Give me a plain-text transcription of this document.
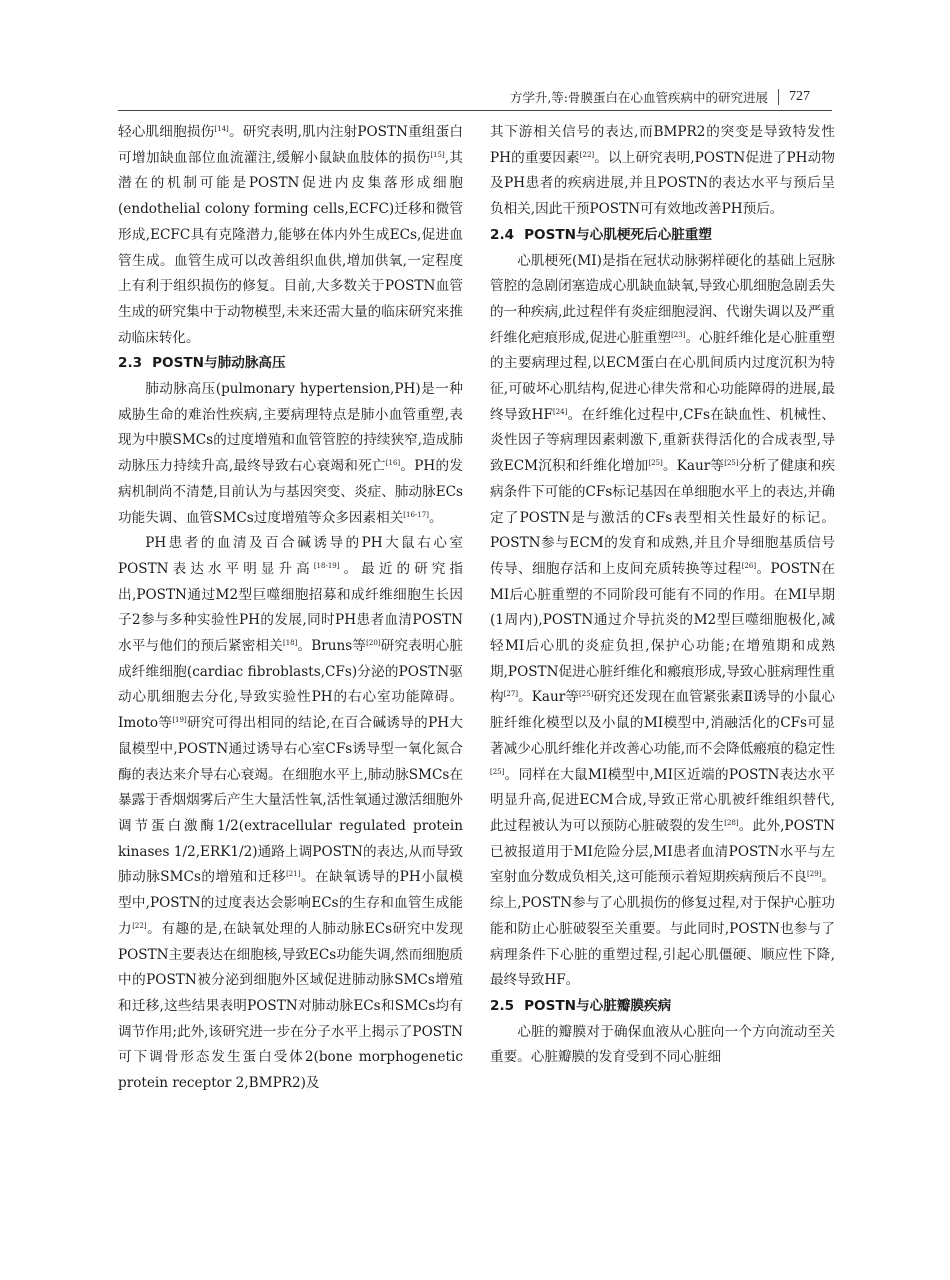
方学升,等:骨膜蛋白在心血管疾病中的研究进展 727

轻心肌细胞损伤[14]。研究表明,肌内注射POSTN重组蛋白可增加缺血部位血流灌注,缓解小鼠缺血肢体的损伤[15],其潜在的机制可能是POSTN促进内皮集落形成细胞(endothelial colony forming cells,ECFC)迁移和微管形成,ECFC具有克隆潜力,能够在体内外生成ECs,促进血管生成。血管生成可以改善组织血供,增加供氧,一定程度上有利于组织损伤的修复。目前,大多数关于POSTN血管生成的研究集中于动物模型,未来还需大量的临床研究来推动临床转化。

2.3 POSTN与肺动脉高压

肺动脉高压(pulmonary hypertension,PH)是一种威胁生命的难治性疾病,主要病理特点是肺小血管重塑,表现为中膜SMCs的过度增殖和血管管腔的持续狭窄,造成肺动脉压力持续升高,最终导致右心衰竭和死亡[16]。PH的发病机制尚不清楚,目前认为与基因突变、炎症、肺动脉ECs功能失调、血管SMCs过度增殖等众多因素相关[16-17]。

PH患者的血清及百合碱诱导的PH大鼠右心室POSTN表达水平明显升高[18-19]。最近的研究指出,POSTN通过M2型巨噬细胞招募和成纤维细胞生长因子2参与多种实验性PH的发展,同时PH患者血清POSTN水平与他们的预后紧密相关[18]。Bruns等[20]研究表明心脏成纤维细胞(cardiac fibroblasts,CFs)分泌的POSTN驱动心肌细胞去分化,导致实验性PH的右心室功能障碍。Imoto等[19]研究可得出相同的结论,在百合碱诱导的PH大鼠模型中,POSTN通过诱导右心室CFs诱导型一氧化氮合酶的表达来介导右心衰竭。在细胞水平上,肺动脉SMCs在暴露于香烟烟雾后产生大量活性氧,活性氧通过激活细胞外调节蛋白激酶1/2(extracellular regulated protein kinases 1/2,ERK1/2)通路上调POSTN的表达,从而导致肺动脉SMCs的增殖和迁移[21]。在缺氧诱导的PH小鼠模型中,POSTN的过度表达会影响ECs的生存和血管生成能力[22]。有趣的是,在缺氧处理的人肺动脉ECs研究中发现POSTN主要表达在细胞核,导致ECs功能失调,然而细胞质中的POSTN被分泌到细胞外区域促进肺动脉SMCs增殖和迁移,这些结果表明POSTN对肺动脉ECs和SMCs均有调节作用;此外,该研究进一步在分子水平上揭示了POSTN可下调骨形态发生蛋白受体2(bone morphogenetic protein receptor 2,BMPR2)及

其下游相关信号的表达,而BMPR2的突变是导致特发性PH的重要因素[22]。以上研究表明,POSTN促进了PH动物及PH患者的疾病进展,并且POSTN的表达水平与预后呈负相关,因此干预POSTN可有效地改善PH预后。

2.4 POSTN与心肌梗死后心脏重塑

心肌梗死(MI)是指在冠状动脉粥样硬化的基础上冠脉管腔的急剧闭塞造成心肌缺血缺氧,导致心肌细胞急剧丢失的一种疾病,此过程伴有炎症细胞浸润、代谢失调以及严重纤维化疤痕形成,促进心脏重塑[23]。心脏纤维化是心脏重塑的主要病理过程,以ECM蛋白在心肌间质内过度沉积为特征,可破坏心肌结构,促进心律失常和心功能障碍的进展,最终导致HF[24]。在纤维化过程中,CFs在缺血性、机械性、炎性因子等病理因素刺激下,重新获得活化的合成表型,导致ECM沉积和纤维化增加[25]。Kaur等[25]分析了健康和疾病条件下可能的CFs标记基因在单细胞水平上的表达,并确定了POSTN是与激活的CFs表型相关性最好的标记。POSTN参与ECM的发育和成熟,并且介导细胞基质信号传导、细胞存活和上皮间充质转换等过程[26]。POSTN在MI后心脏重塑的不同阶段可能有不同的作用。在MI早期(1周内),POSTN通过介导抗炎的M2型巨噬细胞极化,减轻MI后心肌的炎症负担,保护心功能;在增殖期和成熟期,POSTN促进心脏纤维化和瘢痕形成,导致心脏病理性重构[27]。Kaur等[25]研究还发现在血管紧张素Ⅱ诱导的小鼠心脏纤维化模型以及小鼠的MI模型中,消融活化的CFs可显著减少心肌纤维化并改善心功能,而不会降低瘢痕的稳定性[25]。同样在大鼠MI模型中,MI区近端的POSTN表达水平明显升高,促进ECM合成,导致正常心肌被纤维组织替代,此过程被认为可以预防心脏破裂的发生[28]。此外,POSTN已被报道用于MI危险分层,MI患者血清POSTN水平与左室射血分数成负相关,这可能预示着短期疾病预后不良[29]。综上,POSTN参与了心肌损伤的修复过程,对于保护心脏功能和防止心脏破裂至关重要。与此同时,POSTN也参与了病理条件下心脏的重塑过程,引起心肌僵硬、顺应性下降,最终导致HF。

2.5 POSTN与心脏瓣膜疾病

心脏的瓣膜对于确保血液从心脏向一个方向流动至关重要。心脏瓣膜的发育受到不同心脏细
